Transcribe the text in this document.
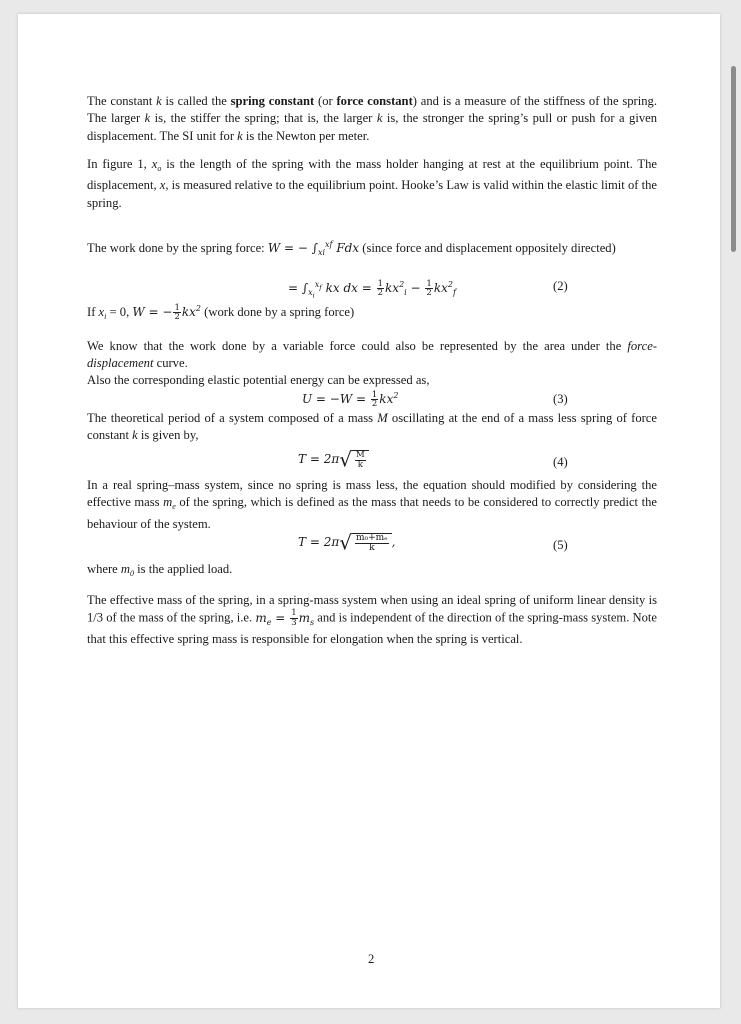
The constant k is called the spring constant (or force constant) and is a measure of the stiffness of the spring. The larger k is, the stiffer the spring; that is, the larger k is, the stronger the spring’s pull or push for a given displacement. The SI unit for k is the Newton per meter.

In figure 1, $x_o$ is the length of the spring with the mass holder hanging at rest at the equilibrium point. The displacement, x, is measured relative to the equilibrium point. Hooke’s Law is valid within the elastic limit of the spring.

The work done by the spring force: W = − $\int_{xi}^{xf}$ Fdx (since force and displacement oppositely directed)

= $\int_{x_i}^{x_f}$ kx dx = $\frac{1}{2} kx^2_i - \frac{1}{2} kx^2_f$	(2)
If $x_i = 0$, W = − $\frac{1}{2} kx^2$ (work done by a spring force)

We know that the work done by a variable force could also be represented by the area under the force-displacement curve.

Also the corresponding elastic potential energy can be expressed as,

$U = -W = \frac{1}{2} kx^2$	(3)

The theoretical period of a system composed of a mass M oscillating at the end of a mass less spring of force constant k is given by,

$T = 2\pi√ \frac{M}{k}$	(4)

In a real spring–mass system, since no spring is mass less, the equation should modified by considering the effective mass $m_e$ of the spring, which is defined as the mass that needs to be considered to correctly predict the behaviour of the system.

$T = 2\pi√ \frac{\text{m₀+mₑ}}{k}$ ,	(5)

where $m_0$ is the applied load.

The effective mass of the spring, in a spring-mass system when using an ideal spring of uniform linear density is 1/3 of the mass of the spring, i.e. $m_e = \frac{1}{3} m_s$ and is independent of the direction of the spring-mass system. Note that this effective spring mass is responsible for elongation when the spring is vertical.

2
